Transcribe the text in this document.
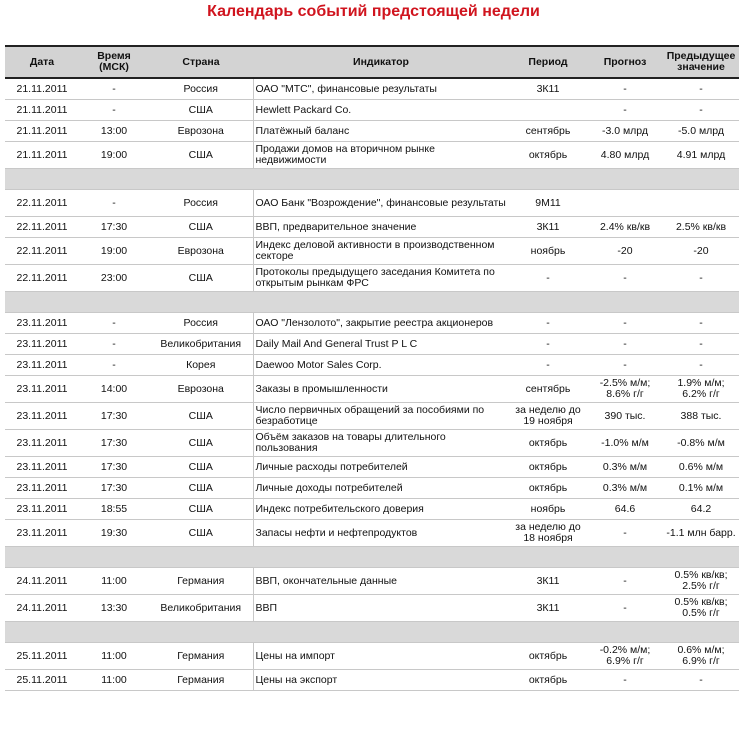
Календарь событий предстоящей недели
Дата	Время (МСК)	Страна	Индикатор	Период	Прогноз	Предыдущее значение
21.11.2011	-	Россия	ОАО "МТС", финансовые результаты	3К11	-	-
21.11.2011	-	США	Hewlett Packard Co.		-	-
21.11.2011	13:00	Еврозона	Платёжный баланс	сентябрь	-3.0 млрд	-5.0 млрд
21.11.2011	19:00	США	Продажи домов на вторичном рынке недвижимости	октябрь	4.80 млрд	4.91 млрд

22.11.2011	-	Россия	ОАО Банк "Возрождение", финансовые результаты	9М11		
22.11.2011	17:30	США	ВВП, предварительное значение	3К11	2.4% кв/кв	2.5% кв/кв
22.11.2011	19:00	Еврозона	Индекс деловой активности в производственном секторе	ноябрь	-20	-20
22.11.2011	23:00	США	Протоколы предыдущего заседания Комитета по открытым рынкам ФРС	-	-	-

23.11.2011	-	Россия	ОАО "Лензолото", закрытие реестра акционеров	-	-	-
23.11.2011	-	Великобритания	Daily Mail And General Trust P L C	-	-	-
23.11.2011	-	Корея	Daewoo Motor Sales Corp.	-	-	-
23.11.2011	14:00	Еврозона	Заказы в промышленности	сентябрь	-2.5% м/м; 8.6% г/г	1.9% м/м; 6.2% г/г
23.11.2011	17:30	США	Число первичных обращений за пособиями по безработице	за неделю до 19 ноября	390 тыс.	388 тыс.
23.11.2011	17:30	США	Объём заказов на товары длительного пользования	октябрь	-1.0% м/м	-0.8% м/м
23.11.2011	17:30	США	Личные расходы потребителей	октябрь	0.3% м/м	0.6% м/м
23.11.2011	17:30	США	Личные доходы потребителей	октябрь	0.3% м/м	0.1% м/м
23.11.2011	18:55	США	Индекс потребительского доверия	ноябрь	64.6	64.2
23.11.2011	19:30	США	Запасы нефти и нефтепродуктов	за неделю до 18 ноября	-	-1.1 млн барр.

24.11.2011	11:00	Германия	ВВП, окончательные данные	3К11	-	0.5% кв/кв; 2.5% г/г
24.11.2011	13:30	Великобритания	ВВП	3К11	-	0.5% кв/кв; 0.5% г/г

25.11.2011	11:00	Германия	Цены на импорт	октябрь	-0.2% м/м; 6.9% г/г	0.6% м/м; 6.9% г/г
25.11.2011	11:00	Германия	Цены на экспорт	октябрь	-	-
